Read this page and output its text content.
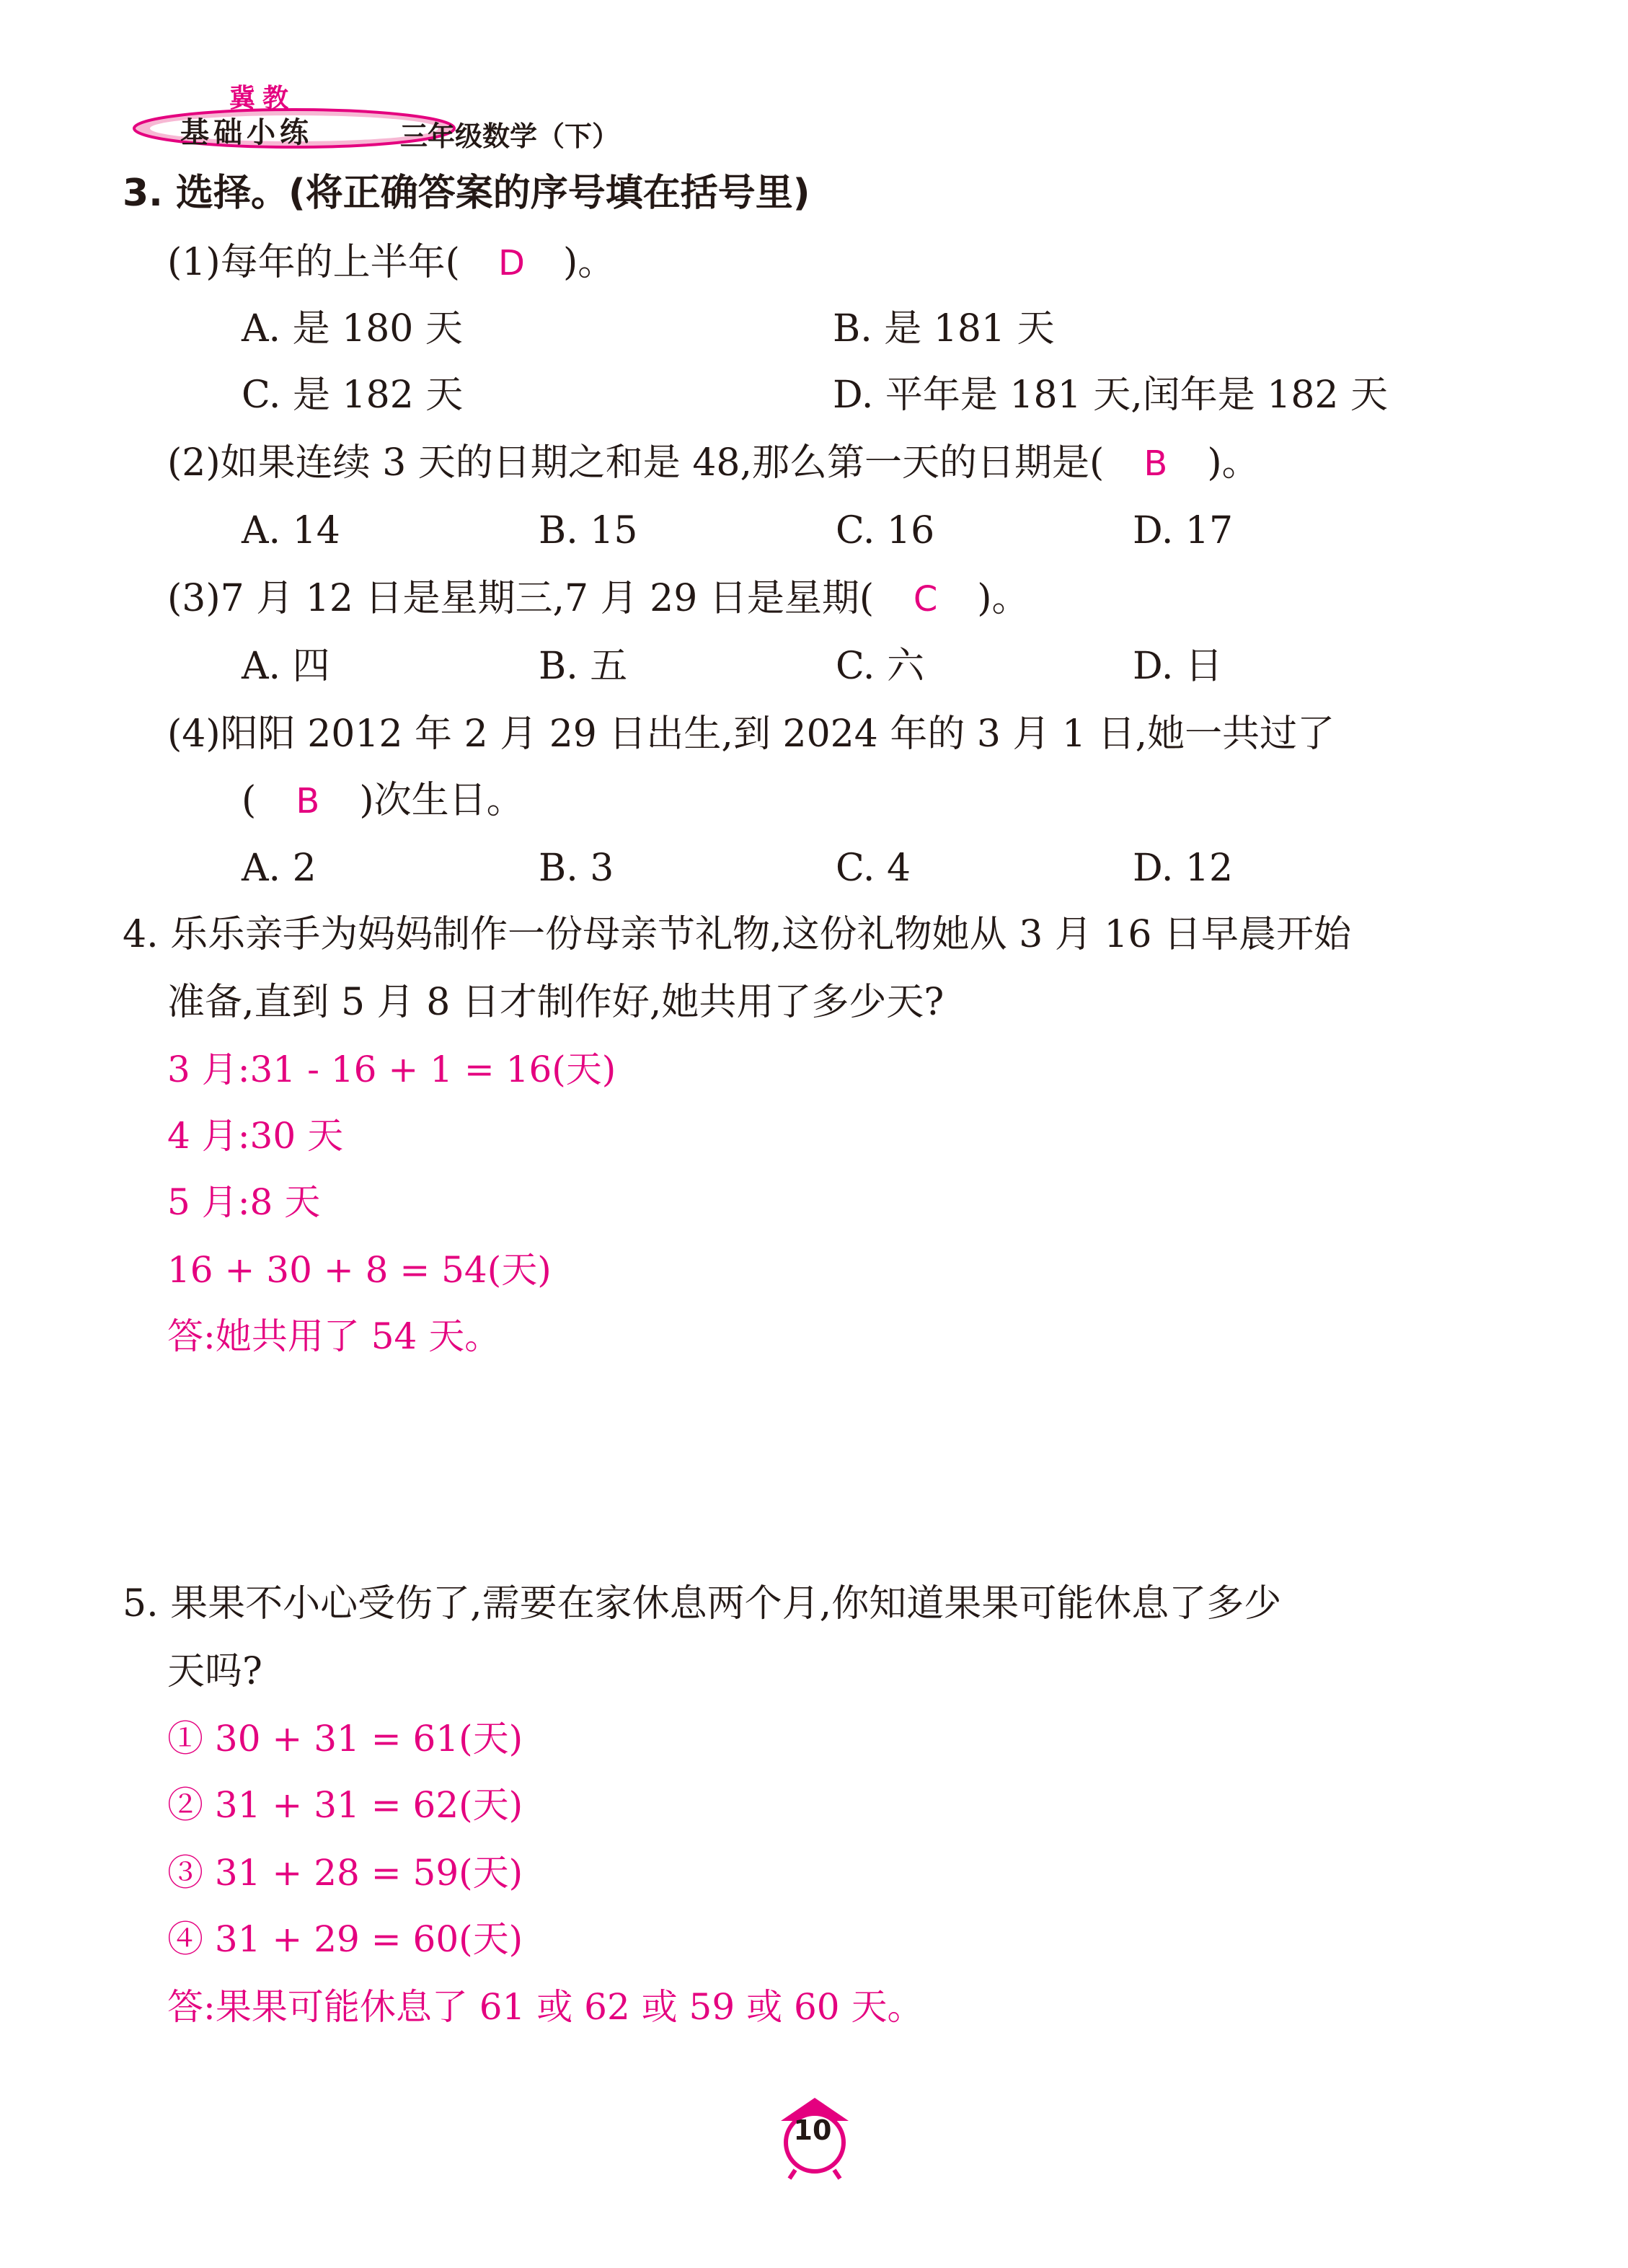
冀教
基础小练	三年级数学（下）
3. 选择。(将正确答案的序号填在括号里)
(1)每年的上半年( D )。
A. 是 180 天	B. 是 181 天
C. 是 182 天	D. 平年是 181 天,闰年是 182 天
(2)如果连续 3 天的日期之和是 48,那么第一天的日期是( B )。
A. 14	B. 15	C. 16	D. 17
(3)7 月 12 日是星期三,7 月 29 日是星期( C )。
A. 四	B. 五	C. 六	D. 日
(4)阳阳 2012 年 2 月 29 日出生,到 2024 年的 3 月 1 日,她一共过了
( B )次生日。
A. 2	B. 3	C. 4	D. 12
4. 乐乐亲手为妈妈制作一份母亲节礼物,这份礼物她从 3 月 16 日早晨开始
准备,直到 5 月 8 日才制作好,她共用了多少天?
3 月:31 - 16 + 1 = 16(天)
4 月:30 天
5 月:8 天
16 + 30 + 8 = 54(天)
答:她共用了 54 天。
5. 果果不小心受伤了,需要在家休息两个月,你知道果果可能休息了多少
天吗?
① 30 + 31 = 61(天)
② 31 + 31 = 62(天)
③ 31 + 28 = 59(天)
④ 31 + 29 = 60(天)
答:果果可能休息了 61 或 62 或 59 或 60 天。
10
